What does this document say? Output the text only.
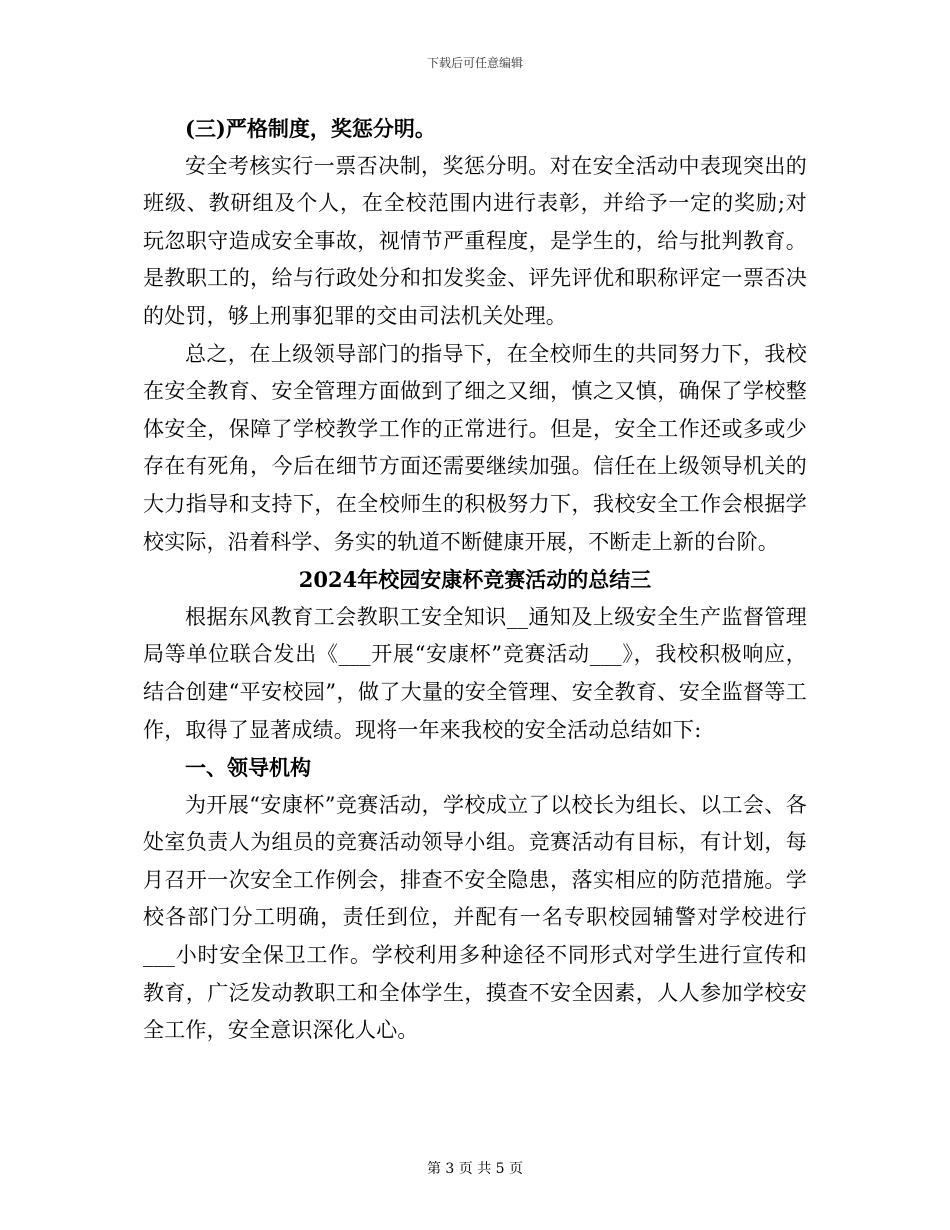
下载后可任意编辑

(三)严格制度，奖惩分明。

安全考核实行一票否决制，奖惩分明。对在安全活动中表现突出的班级、教研组及个人，在全校范围内进行表彰，并给予一定的奖励;对玩忽职守造成安全事故，视情节严重程度，是学生的，给与批判教育。是教职工的，给与行政处分和扣发奖金、评先评优和职称评定一票否决的处罚，够上刑事犯罪的交由司法机关处理。

总之，在上级领导部门的指导下，在全校师生的共同努力下，我校在安全教育、安全管理方面做到了细之又细，慎之又慎，确保了学校整体安全，保障了学校教学工作的正常进行。但是，安全工作还或多或少存在有死角，今后在细节方面还需要继续加强。信任在上级领导机关的大力指导和支持下，在全校师生的积极努力下，我校安全工作会根据学校实际，沿着科学、务实的轨道不断健康开展，不断走上新的台阶。

2024年校园安康杯竞赛活动的总结三

根据东风教育工会教职工安全知识__通知及上级安全生产监督管理局等单位联合发出《___开展“安康杯”竞赛活动___》，我校积极响应，结合创建“平安校园”，做了大量的安全管理、安全教育、安全监督等工作，取得了显著成绩。现将一年来我校的安全活动总结如下:

一、领导机构

为开展“安康杯”竞赛活动，学校成立了以校长为组长、以工会、各处室负责人为组员的竞赛活动领导小组。竞赛活动有目标，有计划，每月召开一次安全工作例会，排查不安全隐患，落实相应的防范措施。学校各部门分工明确，责任到位，并配有一名专职校园辅警对学校进行___小时安全保卫工作。学校利用多种途径不同形式对学生进行宣传和教育，广泛发动教职工和全体学生，摸查不安全因素，人人参加学校安全工作，安全意识深化人心。

第 3 页 共 5 页
